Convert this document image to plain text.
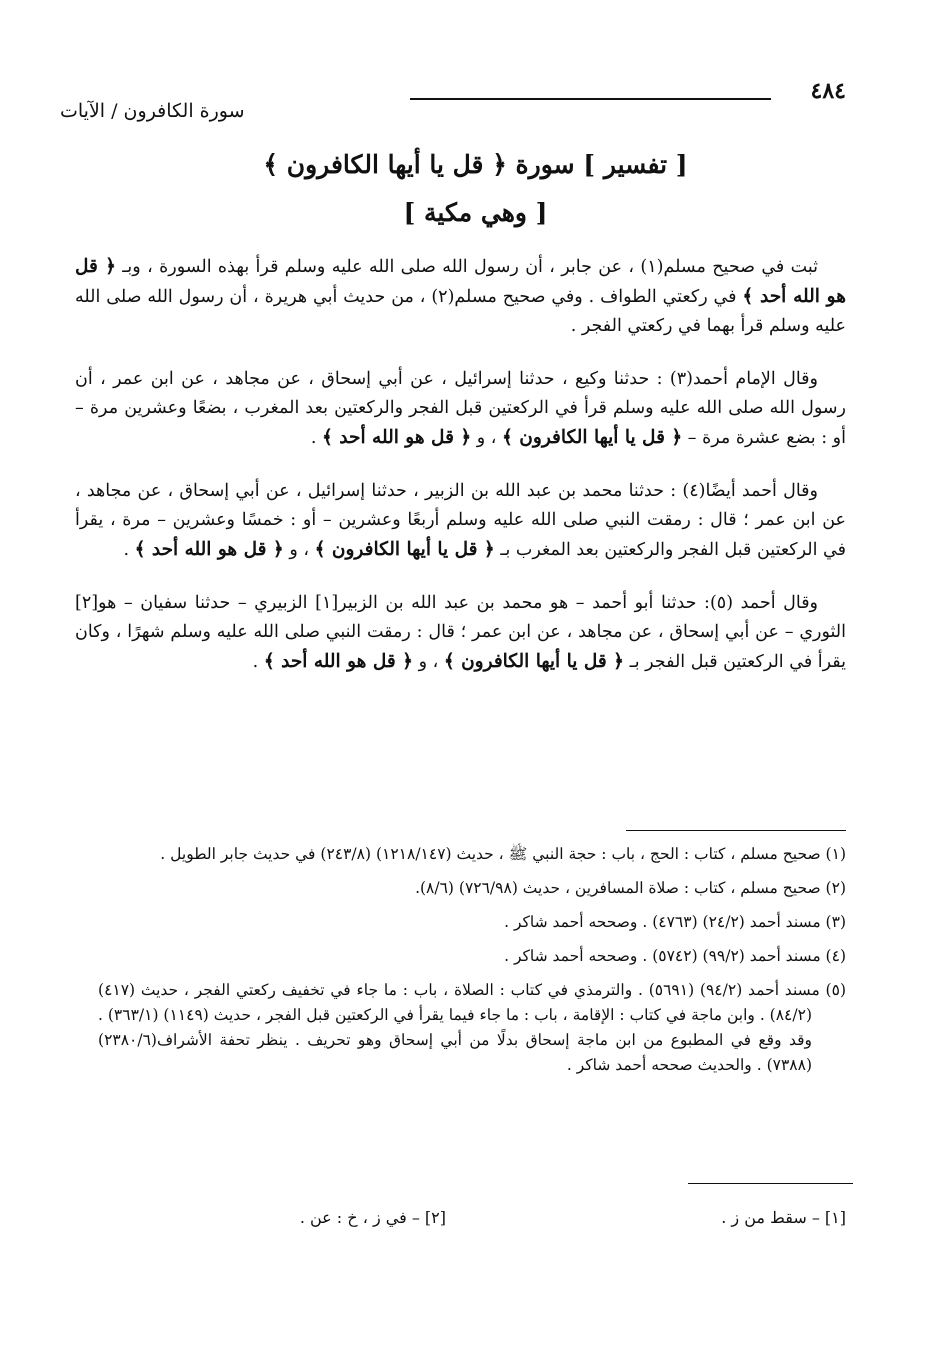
٤٨٤
سورة الكافرون / الآيات
[ تفسير ] سورة ﴿ قل يا أيها الكافرون ﴾
[ وهي مكية ]

ثبت في صحيح مسلم(١) ، عن جابر ، أن رسول الله صلى الله عليه وسلم قرأ بهذه السورة ، وبـ ﴿ قل هو الله أحد ﴾ في ركعتي الطواف . وفي صحيح مسلم(٢) ، من حديث أبي هريرة ، أن رسول الله صلى الله عليه وسلم قرأ بهما في ركعتي الفجر .

وقال الإمام أحمد(٣) : حدثنا وكيع ، حدثنا إسرائيل ، عن أبي إسحاق ، عن مجاهد ، عن ابن عمر ، أن رسول الله صلى الله عليه وسلم قرأ في الركعتين قبل الفجر والركعتين بعد المغرب ، بضعًا وعشرين مرة – أو : بضع عشرة مرة – ﴿ قل يا أيها الكافرون ﴾ ، و ﴿ قل هو الله أحد ﴾ .

وقال أحمد أيضًا(٤) : حدثنا محمد بن عبد الله بن الزبير ، حدثنا إسرائيل ، عن أبي إسحاق ، عن مجاهد ، عن ابن عمر ؛ قال : رمقت النبي صلى الله عليه وسلم أربعًا وعشرين – أو : خمسًا وعشرين – مرة ، يقرأ في الركعتين قبل الفجر والركعتين بعد المغرب بـ ﴿ قل يا أيها الكافرون ﴾ ، و ﴿ قل هو الله أحد ﴾ .

وقال أحمد (٥): حدثنا أبو أحمد – هو محمد بن عبد الله بن الزبير[١] الزبيري – حدثنا سفيان – هو[٢] الثوري – عن أبي إسحاق ، عن مجاهد ، عن ابن عمر ؛ قال : رمقت النبي صلى الله عليه وسلم شهرًا ، وكان يقرأ في الركعتين قبل الفجر بـ ﴿ قل يا أيها الكافرون ﴾ ، و ﴿ قل هو الله أحد ﴾ .

(١) صحيح مسلم ، كتاب : الحج ، باب : حجة النبي ﷺ ، حديث (١٢١٨/١٤٧) (٢٤٣/٨) في حديث جابر الطويل .
(٢) صحيح مسلم ، كتاب : صلاة المسافرين ، حديث (٧٢٦/٩٨) (٨/٦).
(٣) مسند أحمد (٢٤/٢) (٤٧٦٣) . وصححه أحمد شاكر .
(٤) مسند أحمد (٩٩/٢) (٥٧٤٢) . وصححه أحمد شاكر .
(٥) مسند أحمد (٩٤/٢) (٥٦٩١) . والترمذي في كتاب : الصلاة ، باب : ما جاء في تخفيف ركعتي الفجر ، حديث (٤١٧) (٨٤/٢) . وابن ماجة في كتاب : الإقامة ، باب : ما جاء فيما يقرأ في الركعتين قبل الفجر ، حديث (١١٤٩) (٣٦٣/١) . وقد وقع في المطبوع من ابن ماجة إسحاق بدلًا من أبي إسحاق وهو تحريف . ينظر تحفة الأشراف(٢٣٨٠/٦) (٧٣٨٨) . والحديث صححه أحمد شاكر .
[١] – سقط من ز .
[٢] – في ز ، خ : عن .
